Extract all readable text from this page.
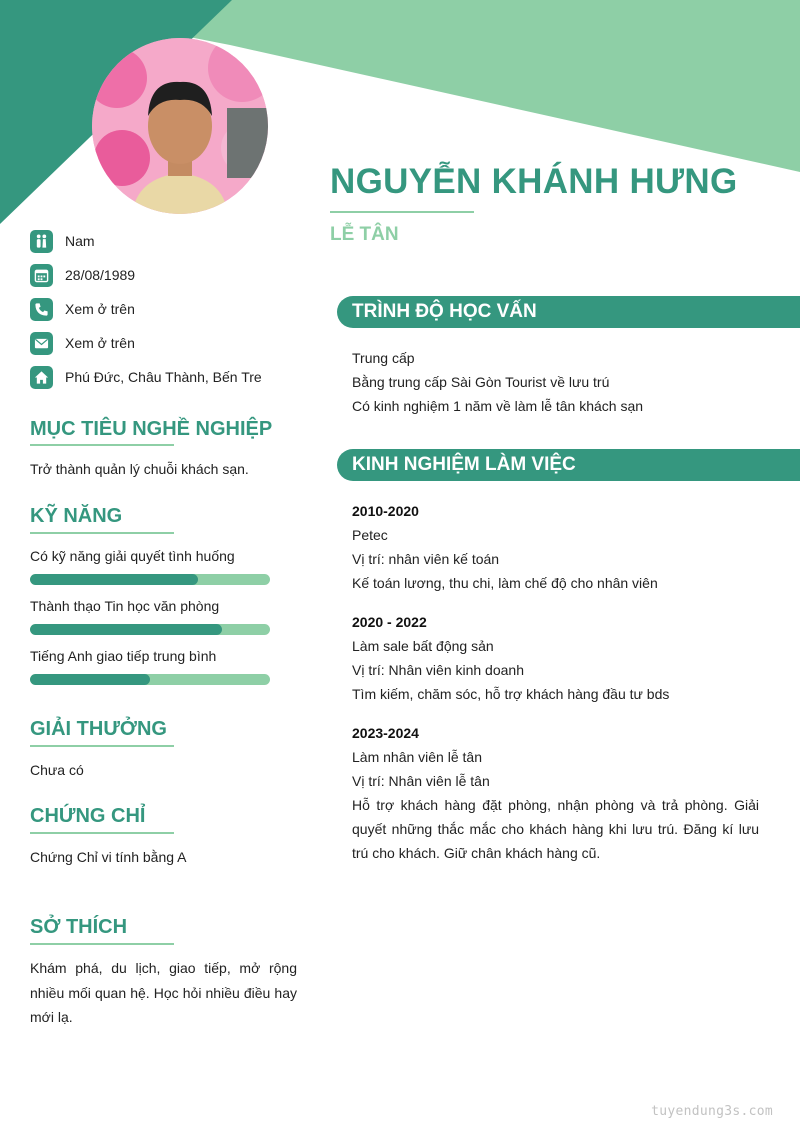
NGUYỄN KHÁNH HƯNG
LỄ TÂN
Nam
28/08/1989
Xem ở trên
Xem ở trên
Phú Đức, Châu Thành, Bến Tre
MỤC TIÊU NGHỀ NGHIỆP
Trở thành quản lý chuỗi khách sạn.
KỸ NĂNG
Có kỹ năng giải quyết tình huống
Thành thạo Tin học văn phòng
Tiếng Anh giao tiếp trung bình
GIẢI THƯỞNG
Chưa có
CHỨNG CHỈ
Chứng Chỉ vi tính bằng A
SỞ THÍCH
Khám phá, du lịch, giao tiếp, mở rộng nhiều mối quan hệ. Học hỏi nhiều điều hay mới lạ.
TRÌNH ĐỘ HỌC VẤN
Trung cấp
Bằng trung cấp Sài Gòn Tourist về lưu trú
Có kinh nghiệm 1 năm về làm lễ tân khách sạn
KINH NGHIỆM LÀM VIỆC
2010-2020
Petec
Vị trí: nhân viên kế toán
Kế toán lương, thu chi, làm chế độ cho nhân viên
2020 - 2022
Làm sale bất động sản
Vị trí: Nhân viên kinh doanh
Tìm kiếm, chăm sóc, hỗ trợ khách hàng đầu tư bds
2023-2024
Làm nhân viên lễ tân
Vị trí: Nhân viên lễ tân
Hỗ trợ khách hàng đặt phòng, nhận phòng và trả phòng. Giải quyết những thắc mắc cho khách hàng khi lưu trú. Đăng kí lưu trú cho khách. Giữ chân khách hàng cũ.
tuyendung3s.com
